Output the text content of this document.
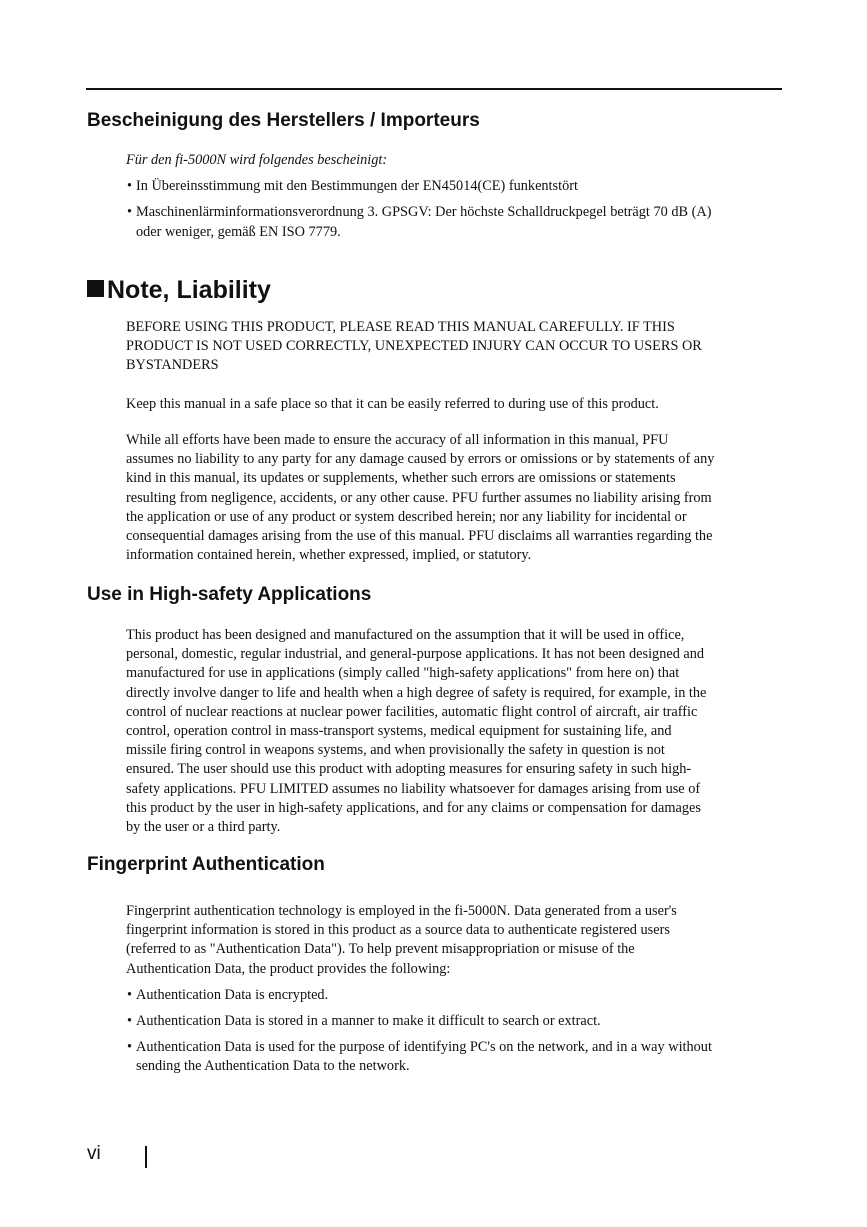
Bescheinigung des Herstellers / Importeurs

Für den fi-5000N wird folgendes bescheinigt:

• In Übereinsstimmung mit den Bestimmungen der EN45014(CE) funkentstört

• Maschinenlärminformationsverordnung 3. GPSGV: Der höchste Schalldruckpegel beträgt 70 dB (A)
oder weniger, gemäß EN ISO 7779.

Note, Liability

BEFORE USING THIS PRODUCT, PLEASE READ THIS MANUAL CAREFULLY. IF THIS

PRODUCT IS NOT USED CORRECTLY, UNEXPECTED INJURY CAN OCCUR TO USERS OR

BYSTANDERS

Keep this manual in a safe place so that it can be easily referred to during use of this product.

While all efforts have been made to ensure the accuracy of all information in this manual, PFU

assumes no liability to any party for any damage caused by errors or omissions or by statements of any

kind in this manual, its updates or supplements, whether such errors are omissions or statements

resulting from negligence, accidents, or any other cause. PFU further assumes no liability arising from

the application or use of any product or system described herein; nor any liability for incidental or

consequential damages arising from the use of this manual. PFU disclaims all warranties regarding the

information contained herein, whether expressed, implied, or statutory.

Use in High-safety Applications

This product has been designed and manufactured on the assumption that it will be used in office,

personal, domestic, regular industrial, and general-purpose applications. It has not been designed and

manufactured for use in applications (simply called "high-safety applications" from here on) that

directly involve danger to life and health when a high degree of safety is required, for example, in the

control of nuclear reactions at nuclear power facilities, automatic flight control of aircraft, air traffic

control, operation control in mass-transport systems, medical equipment for sustaining life, and

missile firing control in weapons systems, and when provisionally the safety in question is not

ensured. The user should use this product with adopting measures for ensuring safety in such high-

safety applications. PFU LIMITED assumes no liability whatsoever for damages arising from use of

this product by the user in high-safety applications, and for any claims or compensation for damages

by the user or a third party.

Fingerprint Authentication

Fingerprint authentication technology is employed in the fi-5000N. Data generated from a user's

fingerprint information is stored in this product as a source data to authenticate registered users

(referred to as "Authentication Data"). To help prevent misappropriation or misuse of the

Authentication Data, the product provides the following:

• Authentication Data is encrypted.

• Authentication Data is stored in a manner to make it difficult to search or extract.

• Authentication Data is used for the purpose of identifying PC's on the network, and in a way without
sending the Authentication Data to the network.

vi
